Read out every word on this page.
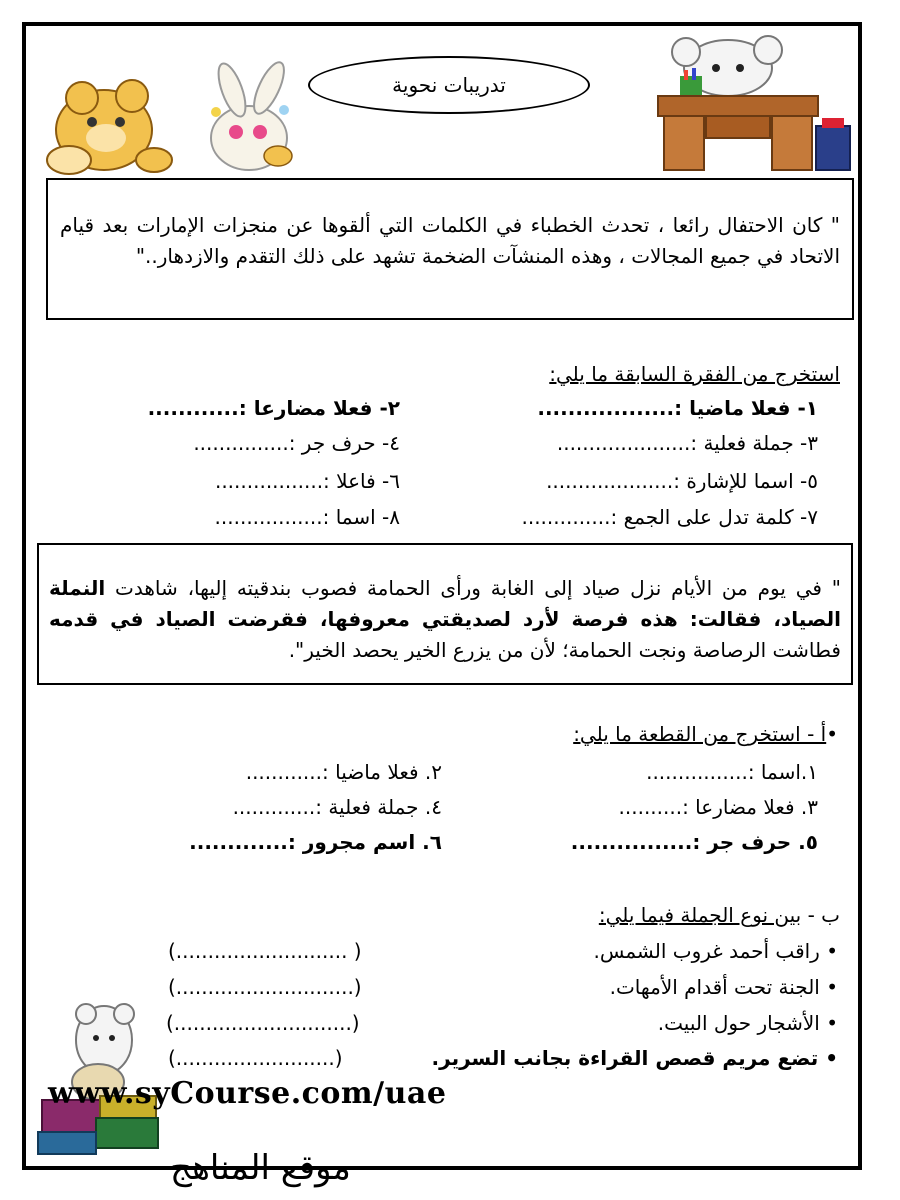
تدريبات نحوية
" كان الاحتفال رائعا ، تحدث الخطباء في الكلمات التي ألقوها عن منجزات الإمارات بعد قيام الاتحاد في جميع المجالات ، وهذه المنشآت الضخمة تشهد على ذلك التقدم والازدهار.."
استخرج من الفقرة السابقة ما يلي:
١- فعلا ماضيا :..................
٢- فعلا مضارعا :............
٣- جملة فعلية :.....................
٤- حرف جر :...............
٥- اسما للإشارة :....................
٦- فاعلا :.................
٧- كلمة تدل على الجمع :..............
٨- اسما :.................
" في يوم من الأيام نزل صياد إلى الغابة ورأى الحمامة فصوب بندقيته إليها، شاهدت النملة الصياد، فقالت: هذه فرصة لأرد لصديقتي معروفها، فقرضت الصياد في قدمه فطاشت الرصاصة ونجت الحمامة؛ لأن من يزرع الخير يحصد الخير".
•أ - استخرج من القطعة ما يلي:
١.اسما :................
٢. فعلا ماضيا :............
٣. فعلا مضارعا :..........
٤. جملة فعلية :.............
٥. حرف جر :................
٦. اسم مجرور :.............
ب - بين نوع الجملة فيما يلي:
• راقب أحمد غروب الشمس.
(........................... )
• الجنة تحت أقدام الأمهات.
(............................)
• الأشجار حول البيت.
(............................)
• تضع مريم قصص القراءة بجانب السرير.
(.........................)
www.syCourse.com/uae
موقع المناهج
